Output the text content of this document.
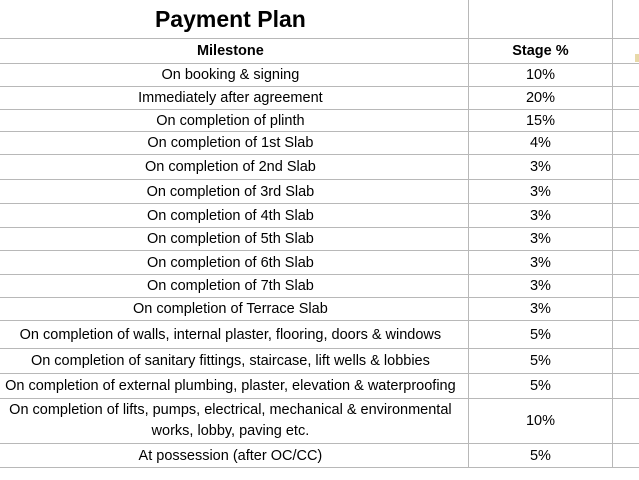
Payment Plan		
Milestone	Stage %	
On booking & signing	10%	
Immediately after agreement	20%	
On completion of plinth	15%	
On completion of 1st Slab	4%	
On completion of 2nd Slab	3%	
On completion of 3rd Slab	3%	
On completion of 4th Slab	3%	
On completion of 5th Slab	3%	
On completion of 6th Slab	3%	
On completion of 7th Slab	3%	
On completion of Terrace Slab	3%	
On completion of walls, internal plaster, flooring, doors & windows	5%	
On completion of sanitary fittings, staircase, lift wells & lobbies	5%	
On completion of external plumbing, plaster, elevation & waterproofing	5%	
On completion of lifts, pumps, electrical, mechanical & environmental works, lobby, paving etc.	10%	
At possession (after OC/CC)	5%	
